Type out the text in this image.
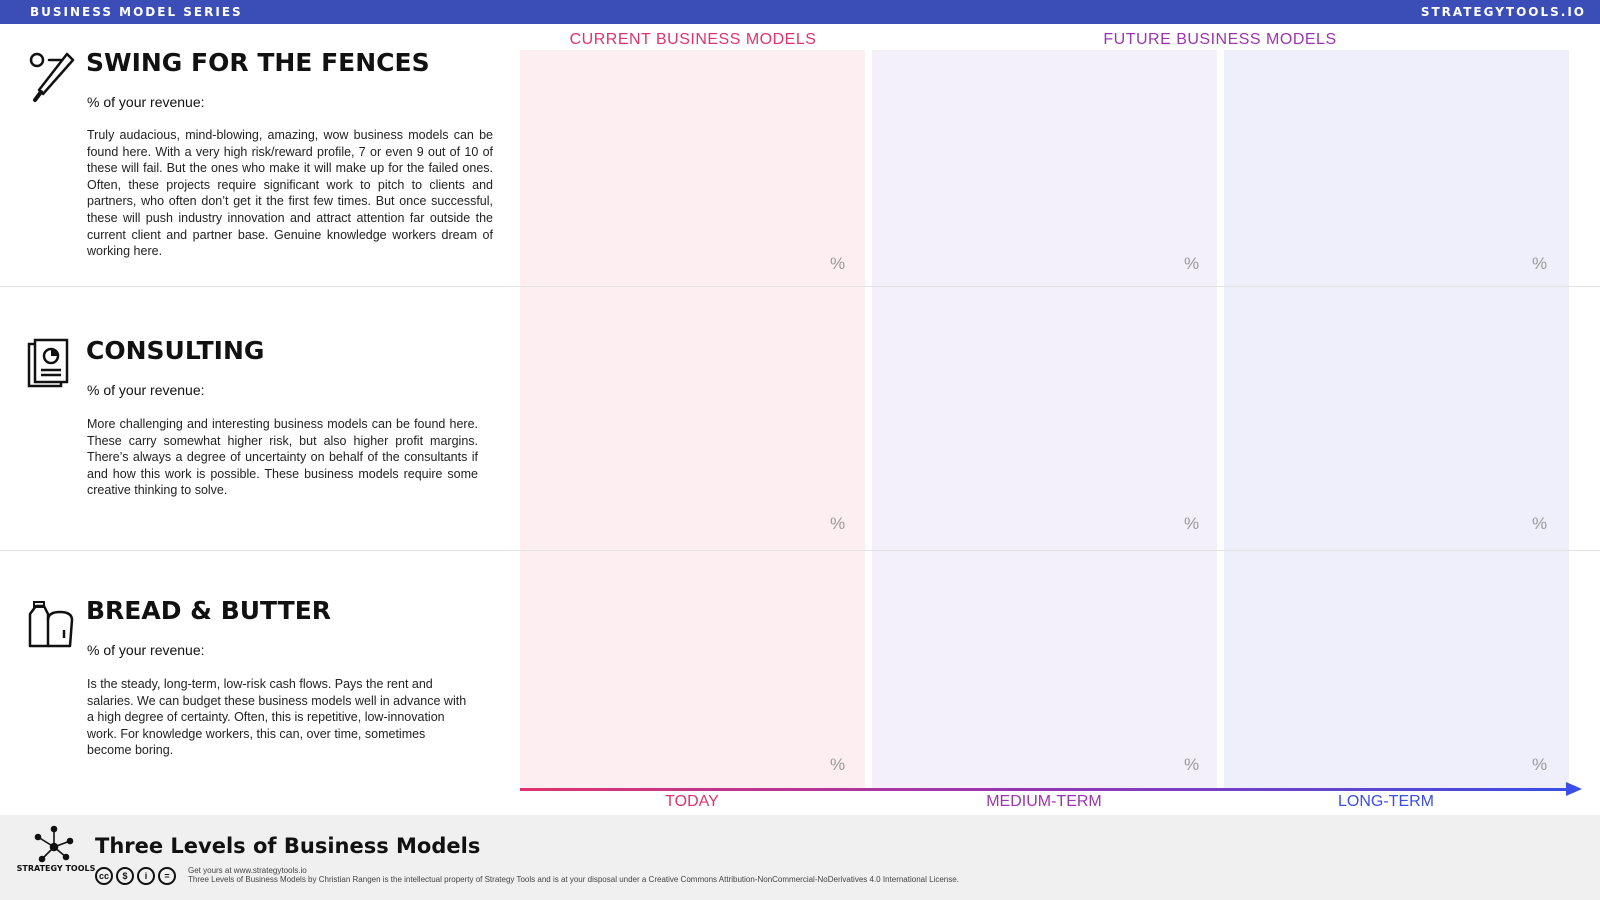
BUSINESS MODEL SERIES	STRATEGYTOOLS.IO
CURRENT BUSINESS MODELS	FUTURE BUSINESS MODELS
%	%	%
%	%	%
%	%	%
SWING FOR THE FENCES
% of your revenue:
Truly audacious, mind-blowing, amazing, wow business models can be found here. With a very high risk/reward profile, 7 or even 9 out of 10 of these will fail. But the ones who make it will make up for the failed ones. Often, these projects require significant work to pitch to clients and partners, who often don’t get it the first few times. But once successful, these will push industry innovation and attract attention far outside the current client and partner base. Genuine knowledge workers dream of working here.
CONSULTING
% of your revenue:
More challenging and interesting business models can be found here. These carry somewhat higher risk, but also higher profit margins. There’s always a degree of uncertainty on behalf of the consultants if and how this work is possible. These business models require some creative thinking to solve.
BREAD & BUTTER
% of your revenue:
Is the steady, long-term, low-risk cash flows. Pays the rent and salaries. We can budget these business models well in advance with a high degree of certainty. Often, this is repetitive, low-innovation work. For knowledge workers, this can, over time, sometimes become boring.
TODAY	MEDIUM-TERM	LONG-TERM
STRATEGY TOOLS
Three Levels of Business Models
cc	$	i	=
Get yours at www.strategytools.io
Three Levels of Business Models by Christian Rangen is the intellectual property of Strategy Tools and is at your disposal under a Creative Commons Attribution-NonCommercial-NoDerivatives 4.0 International License.
